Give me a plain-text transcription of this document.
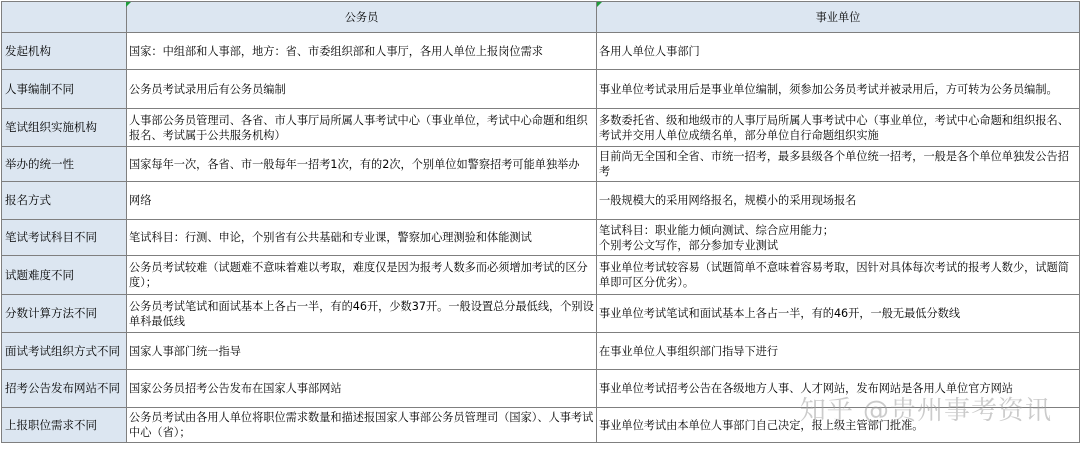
	公务员	事业单位
发起机构	国家：中组部和人事部，地方：省、市委组织部和人事厅，各用人单位上报岗位需求	各用人单位人事部门
人事编制不同	公务员考试录用后有公务员编制	事业单位考试录用后是事业单位编制，须参加公务员考试并被录用后，方可转为公务员编制。
笔试组织实施机构	人事部公务员管理司、各省、市人事厅局所属人事考试中心（事业单位，考试中心命题和组织报名、考试属于公共服务机构）	多数委托省、级和地级市的人事厅局所属人事考试中心（事业单位，考试中心命题和组织报名、考试并交用人单位成绩名单，部分单位自行命题组织实施
举办的统一性	国家每年一次，各省、市一般每年一招考1次，有的2次，个别单位如警察招考可能单独举办	目前尚无全国和全省、市统一招考，最多县级各个单位统一招考，一般是各个单位单独发公告招考
报名方式	网络	一般规模大的采用网络报名，规模小的采用现场报名
笔试考试科目不同	笔试科目：行测、申论，个别省有公共基础和专业课，警察加心理测验和体能测试	笔试科目：职业能力倾向测试、综合应用能力；
个别考公文写作，部分参加专业测试
试题难度不同	公务员考试较难（试题难不意味着难以考取，难度仅是因为报考人数多而必须增加考试的区分度）；	事业单位考试较容易（试题简单不意味着容易考取，因针对具体每次考试的报考人数少，试题简单即可区分优劣）。
分数计算方法不同	公务员考试笔试和面试基本上各占一半，有的46开，少数37开。一般设置总分最低线，个别设单科最低线	事业单位考试笔试和面试基本上各占一半，有的46开，一般无最低分数线
面试考试组织方式不同	国家人事部门统一指导	在事业单位人事组织部门指导下进行
招考公告发布网站不同	国家公务员招考公告发布在国家人事部网站	事业单位考试招考公告在各级地方人事、人才网站，发布网站是各用人单位官方网站
上报职位需求不同	公务员考试由各用人单位将职位需求数量和描述报国家人事部公务员管理司（国家）、人事考试中心（省）；	事业单位考试由本单位人事部门自己决定，报上级主管部门批准。
知乎 @贵州事考资讯
